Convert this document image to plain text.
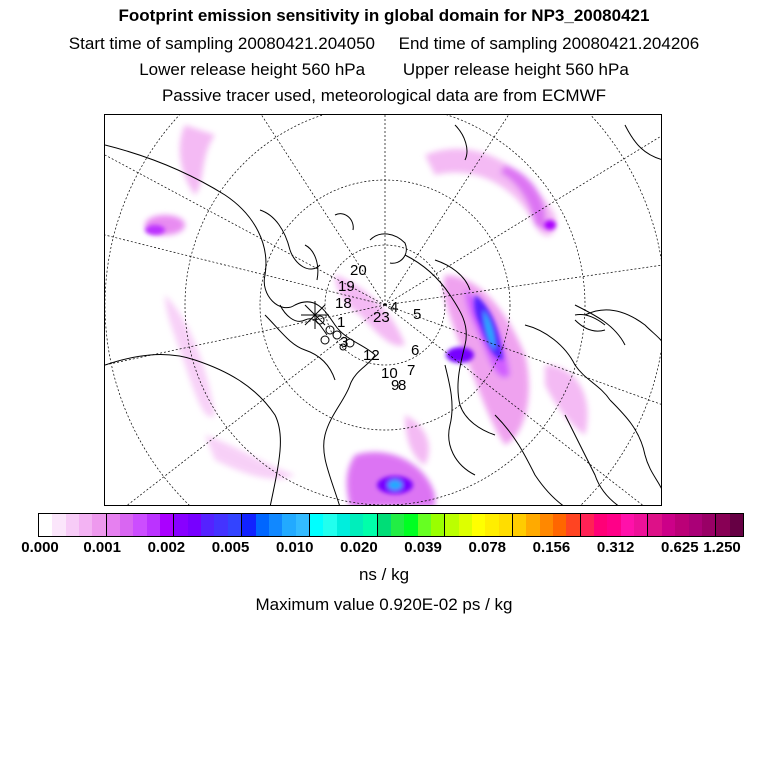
Footprint emission sensitivity in global domain for NP3_20080421
Start time of sampling 20080421.204050 End time of sampling 20080421.204206
Lower release height 560 hPa Upper release height 560 hPa
Passive tracer used, meteorological data are from ECMWF
20
19
18	4
23 5
1
6
12
7
10
9
8
3
0.000 0.001 0.002 0.005 0.010 0.020 0.039 0.078 0.156 0.312 0.625 1.250
ns / kg
Maximum value 0.920E-02 ps / kg
